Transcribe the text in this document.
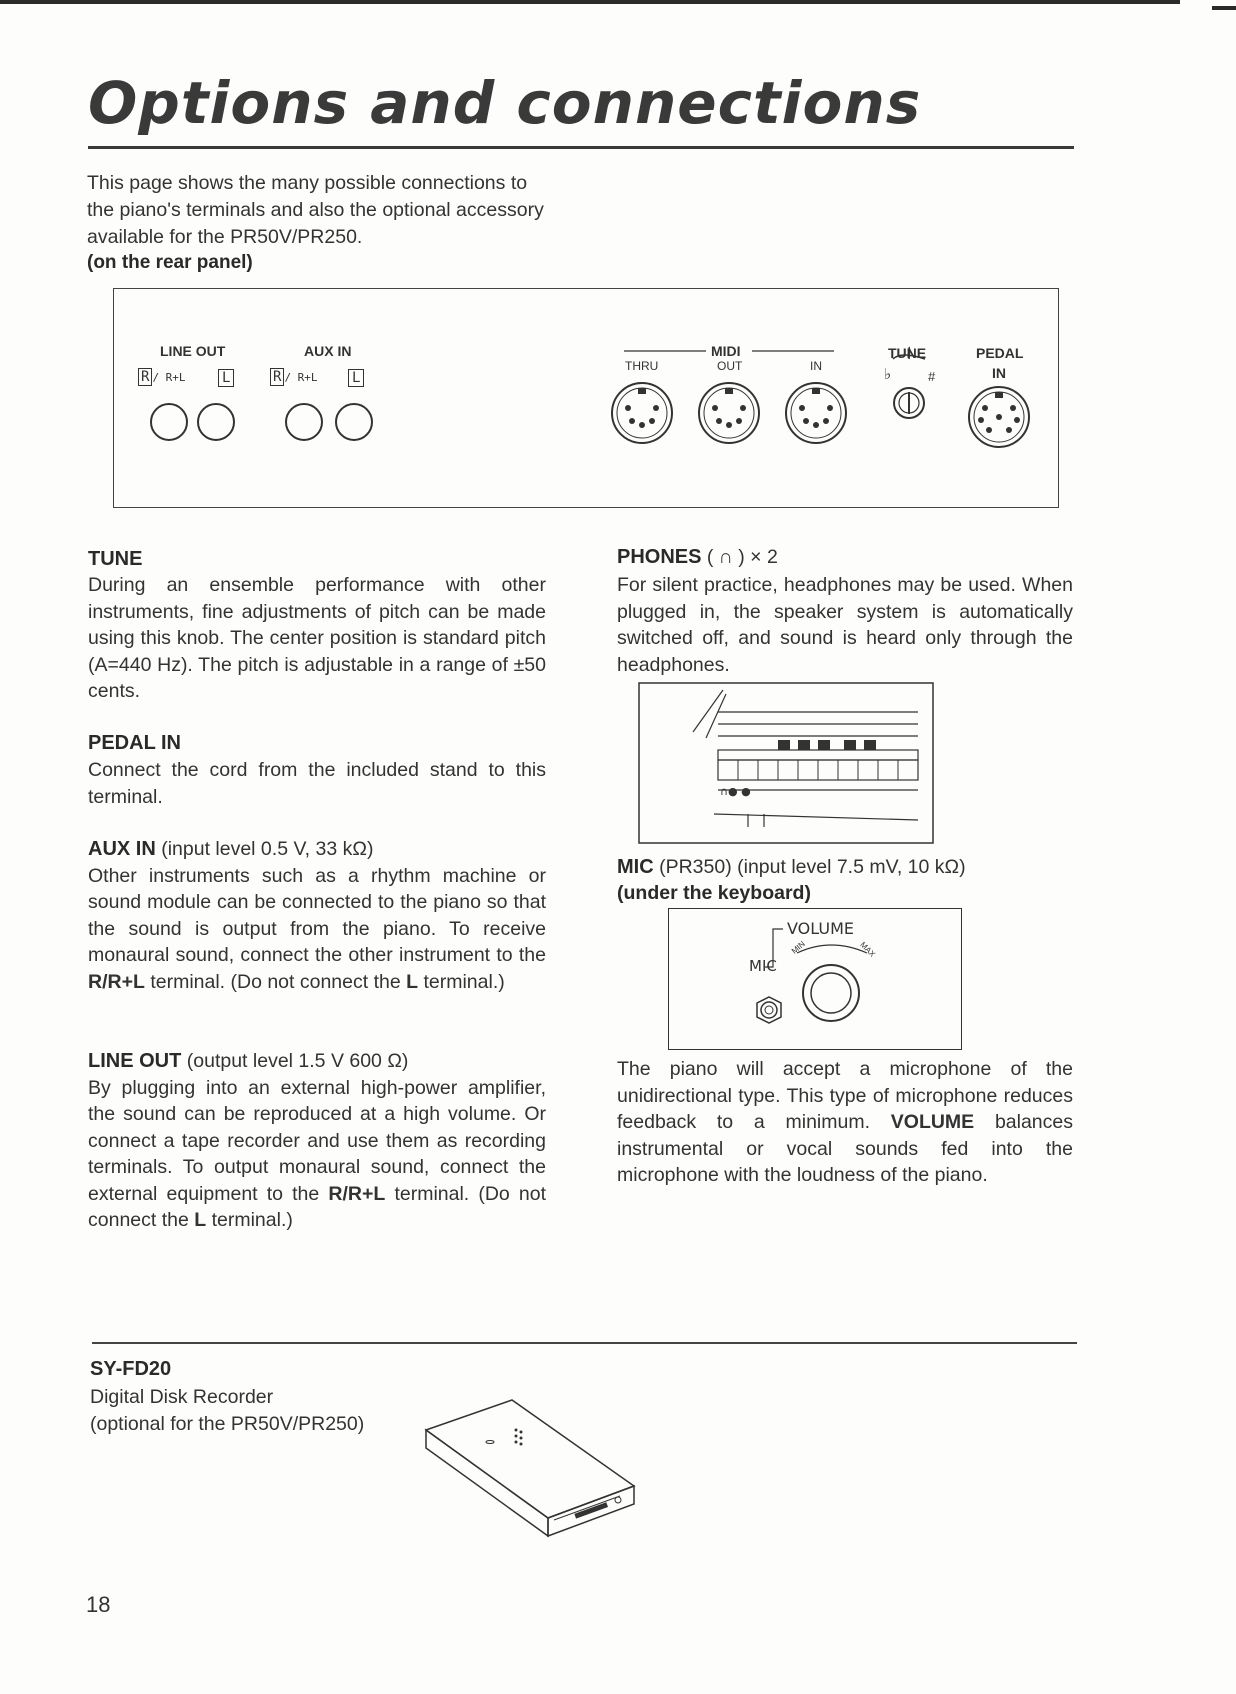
Options and connections
This page shows the many possible connections to the piano's terminals and also the optional accessory available for the PR50V/PR250.
(on the rear panel)
LINE OUT	AUX IN
R / R+L	L	R / R+L L
MIDI
THRU	OUT	IN
TUNE
♭	#
PEDAL
IN
TUNE
During an ensemble performance with other instruments, fine adjustments of pitch can be made using this knob. The center position is standard pitch (A=440 Hz). The pitch is adjustable in a range of ±50 cents.
PEDAL IN
Connect the cord from the included stand to this terminal.
AUX IN (input level 0.5 V, 33 kΩ)
Other instruments such as a rhythm machine or sound module can be connected to the piano so that the sound is output from the piano. To receive monaural sound, connect the other instrument to the R/R+L terminal. (Do not connect the L terminal.)
LINE OUT (output level 1.5 V 600 Ω)
By plugging into an external high-power amplifier, the sound can be reproduced at a high volume. Or connect a tape recorder and use them as recording terminals. To output monaural sound, connect the external equipment to the R/R+L terminal. (Do not connect the L terminal.)
PHONES ( ∩ ) × 2
For silent practice, headphones may be used. When plugged in, the speaker system is automatically switched off, and sound is heard only through the headphones.
∩● ●
MIC (PR350) (input level 7.5 mV, 10 kΩ)
(under the keyboard)
VOLUME
MIC
MIN	MAX
The piano will accept a microphone of the unidirectional type. This type of microphone reduces feedback to a minimum. VOLUME balances instrumental or vocal sounds fed into the microphone with the loudness of the piano.
SY-FD20
Digital Disk Recorder
(optional for the PR50V/PR250)
18
